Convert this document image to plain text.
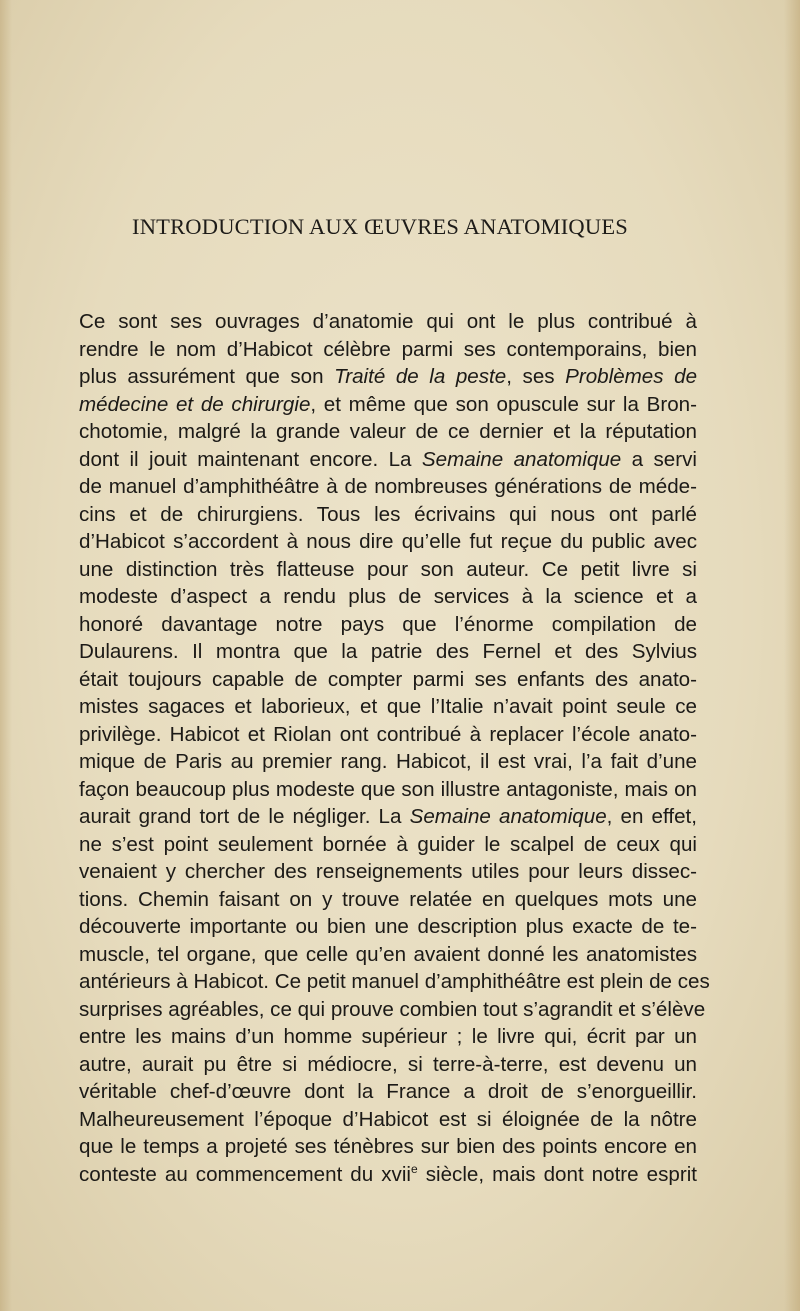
INTRODUCTION AUX ŒUVRES ANATOMIQUES
Ce sont ses ouvrages d’anatomie qui ont le plus contribué à
rendre le nom d’Habicot célèbre parmi ses contemporains, bien
plus assurément que son Traité de la peste, ses Problèmes de
médecine et de chirurgie, et même que son opuscule sur la Bron-
chotomie, malgré la grande valeur de ce dernier et la réputation
dont il jouit maintenant encore. La Semaine anatomique a servi
de manuel d’amphithéâtre à de nombreuses générations de méde-
cins et de chirurgiens. Tous les écrivains qui nous ont parlé
d’Habicot s’accordent à nous dire qu’elle fut reçue du public avec
une distinction très flatteuse pour son auteur. Ce petit livre si
modeste d’aspect a rendu plus de services à la science et a
honoré davantage notre pays que l’énorme compilation de
Dulaurens. Il montra que la patrie des Fernel et des Sylvius
était toujours capable de compter parmi ses enfants des anato-
mistes sagaces et laborieux, et que l’Italie n’avait point seule ce
privilège. Habicot et Riolan ont contribué à replacer l’école anato-
mique de Paris au premier rang. Habicot, il est vrai, l’a fait d’une
façon beaucoup plus modeste que son illustre antagoniste, mais on
aurait grand tort de le négliger. La Semaine anatomique, en effet,
ne s’est point seulement bornée à guider le scalpel de ceux qui
venaient y chercher des renseignements utiles pour leurs dissec-
tions. Chemin faisant on y trouve relatée en quelques mots une
découverte importante ou bien une description plus exacte de te-
muscle, tel organe, que celle qu’en avaient donné les anatomistes
antérieurs à Habicot. Ce petit manuel d’amphithéâtre est plein de ces
surprises agréables, ce qui prouve combien tout s’agrandit et s’élève
entre les mains d’un homme supérieur ; le livre qui, écrit par un
autre, aurait pu être si médiocre, si terre-à-terre, est devenu un
véritable chef-d’œuvre dont la France a droit de s’enorgueillir.
Malheureusement l’époque d’Habicot est si éloignée de la nôtre
que le temps a projeté ses ténèbres sur bien des points encore en
conteste au commencement du xvii$^e$ siècle, mais dont notre esprit
